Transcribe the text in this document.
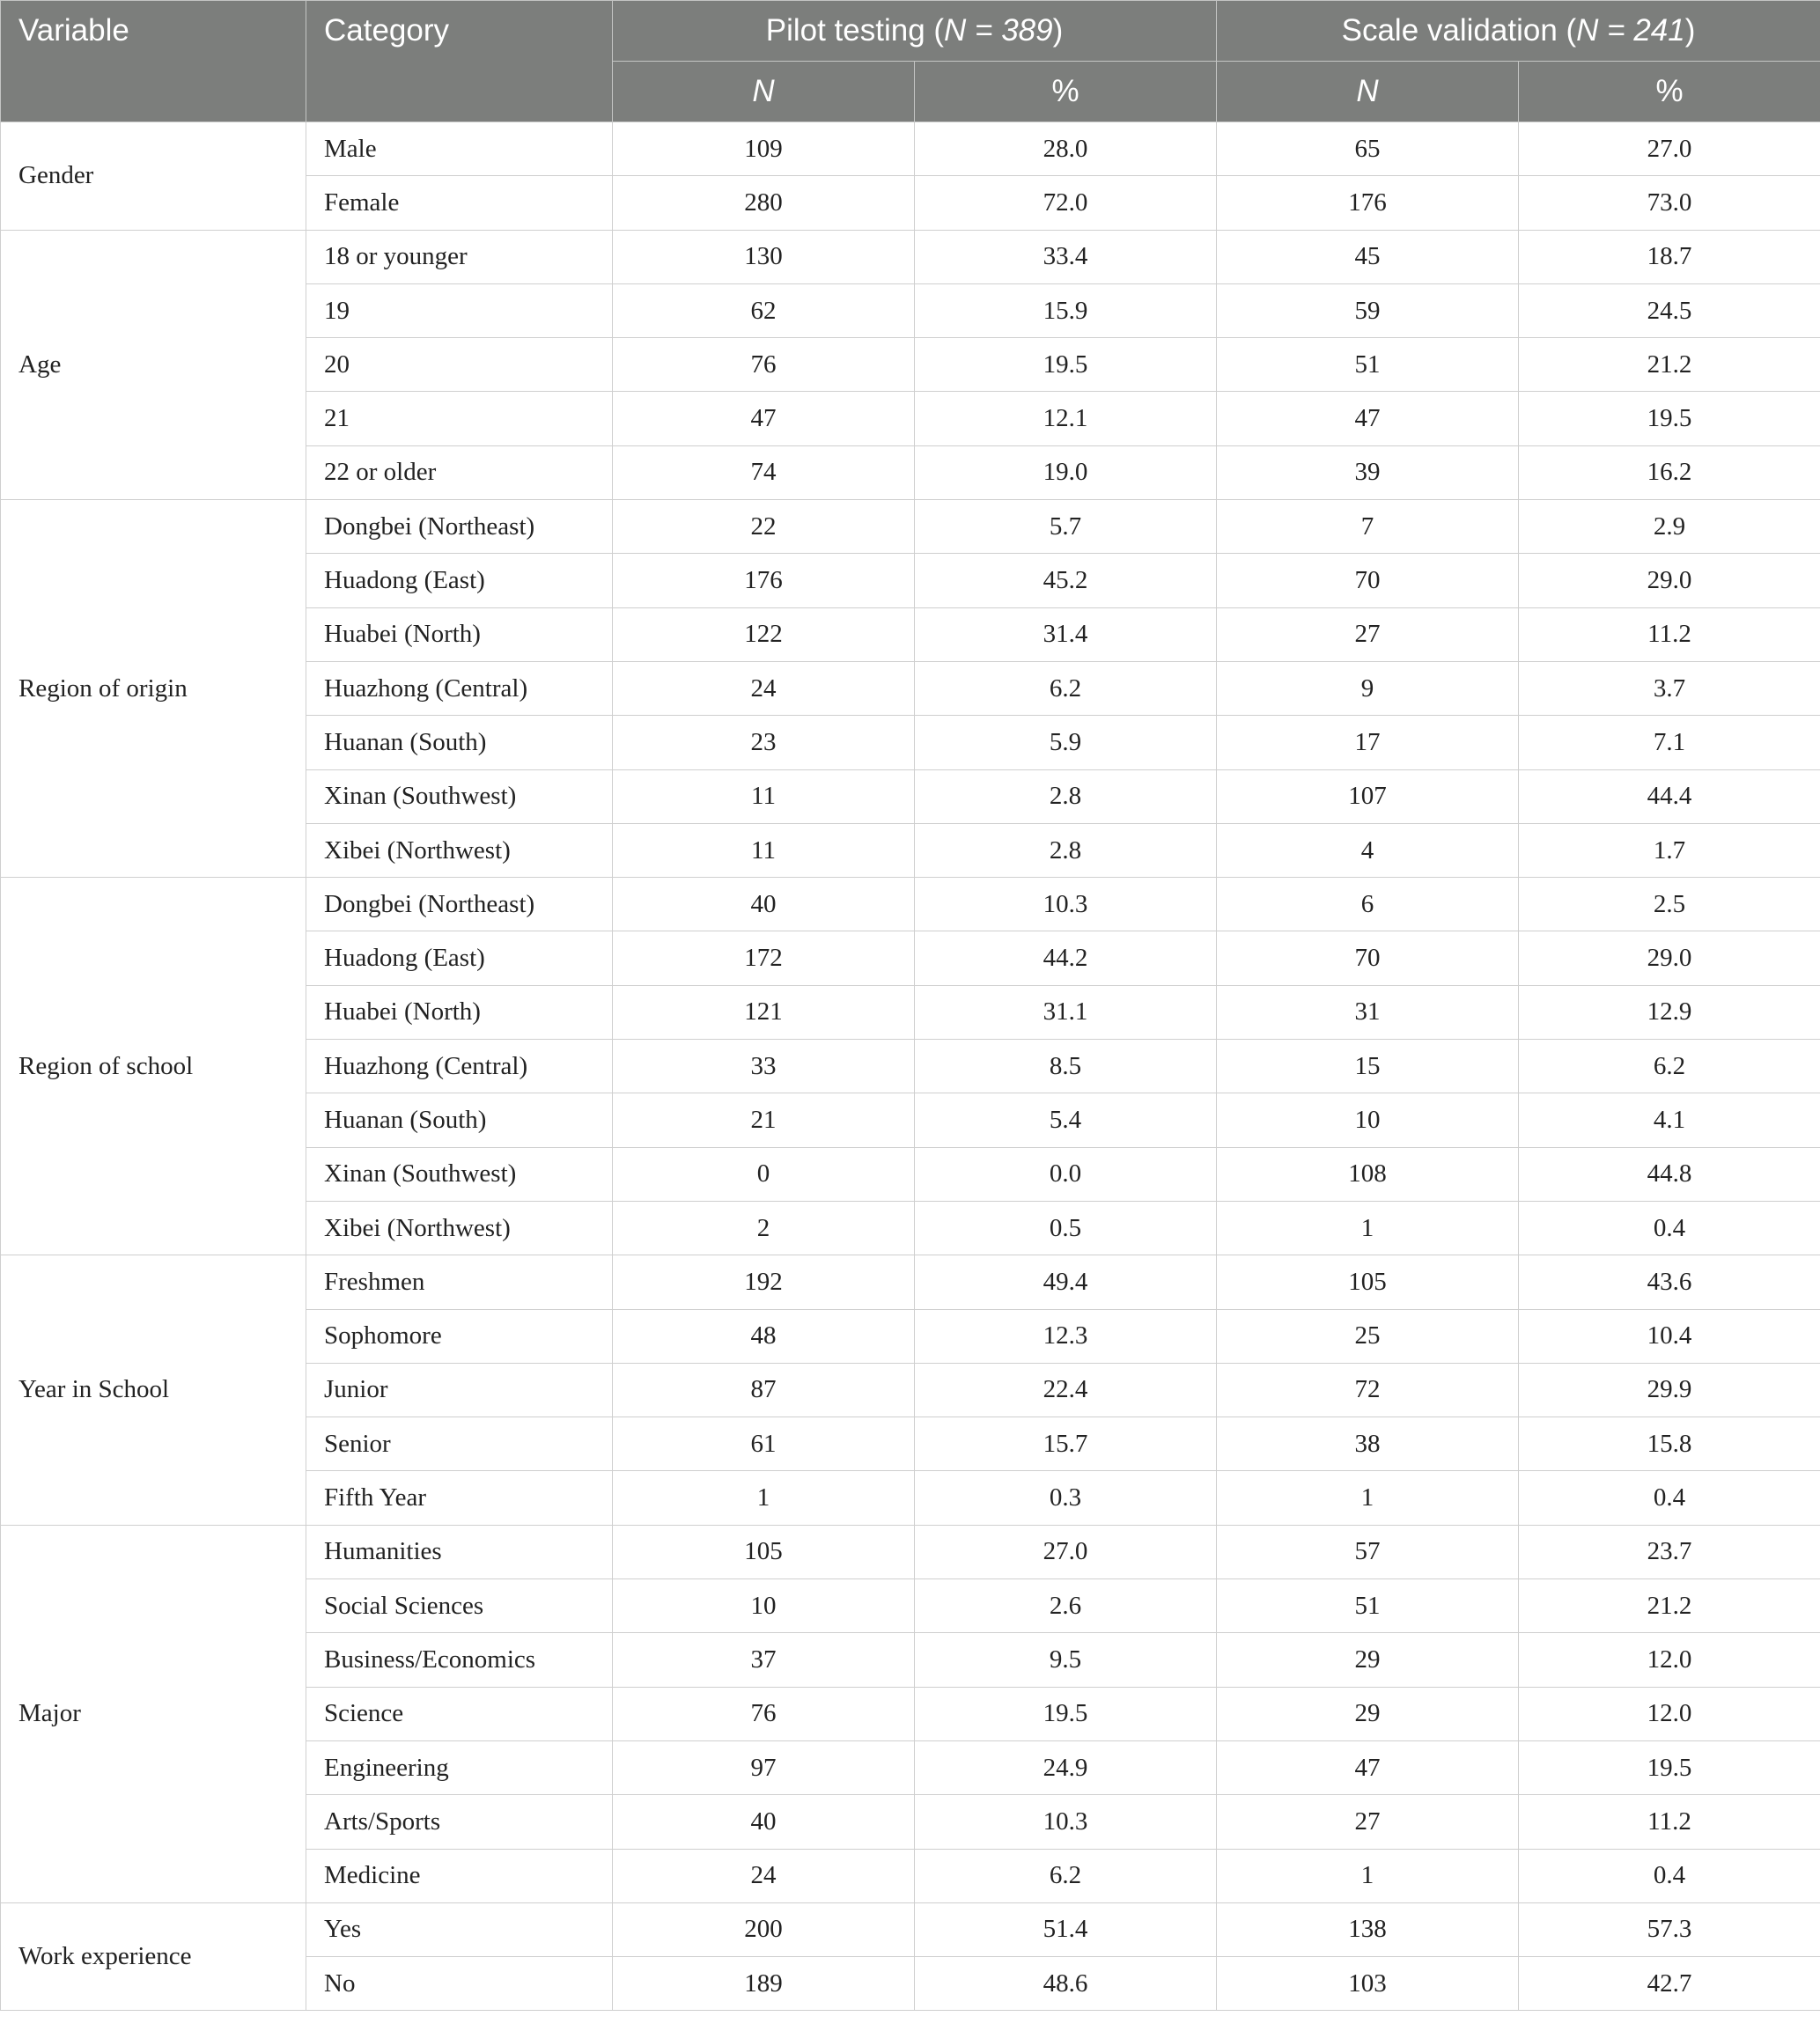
Variable	Category	Pilot testing (N = 389)		Scale validation (N = 241)	
		N	%	N	%
Gender	Male	109	28.0	65	27.0
	Female	280	72.0	176	73.0
Age	18 or younger	130	33.4	45	18.7
	19	62	15.9	59	24.5
	20	76	19.5	51	21.2
	21	47	12.1	47	19.5
	22 or older	74	19.0	39	16.2
Region of origin	Dongbei (Northeast)	22	5.7	7	2.9
	Huadong (East)	176	45.2	70	29.0
	Huabei (North)	122	31.4	27	11.2
	Huazhong (Central)	24	6.2	9	3.7
	Huanan (South)	23	5.9	17	7.1
	Xinan (Southwest)	11	2.8	107	44.4
	Xibei (Northwest)	11	2.8	4	1.7
Region of school	Dongbei (Northeast)	40	10.3	6	2.5
	Huadong (East)	172	44.2	70	29.0
	Huabei (North)	121	31.1	31	12.9
	Huazhong (Central)	33	8.5	15	6.2
	Huanan (South)	21	5.4	10	4.1
	Xinan (Southwest)	0	0.0	108	44.8
	Xibei (Northwest)	2	0.5	1	0.4
Year in School	Freshmen	192	49.4	105	43.6
	Sophomore	48	12.3	25	10.4
	Junior	87	22.4	72	29.9
	Senior	61	15.7	38	15.8
	Fifth Year	1	0.3	1	0.4
Major	Humanities	105	27.0	57	23.7
	Social Sciences	10	2.6	51	21.2
	Business/Economics	37	9.5	29	12.0
	Science	76	19.5	29	12.0
	Engineering	97	24.9	47	19.5
	Arts/Sports	40	10.3	27	11.2
	Medicine	24	6.2	1	0.4
Work experience	Yes	200	51.4	138	57.3
	No	189	48.6	103	42.7
